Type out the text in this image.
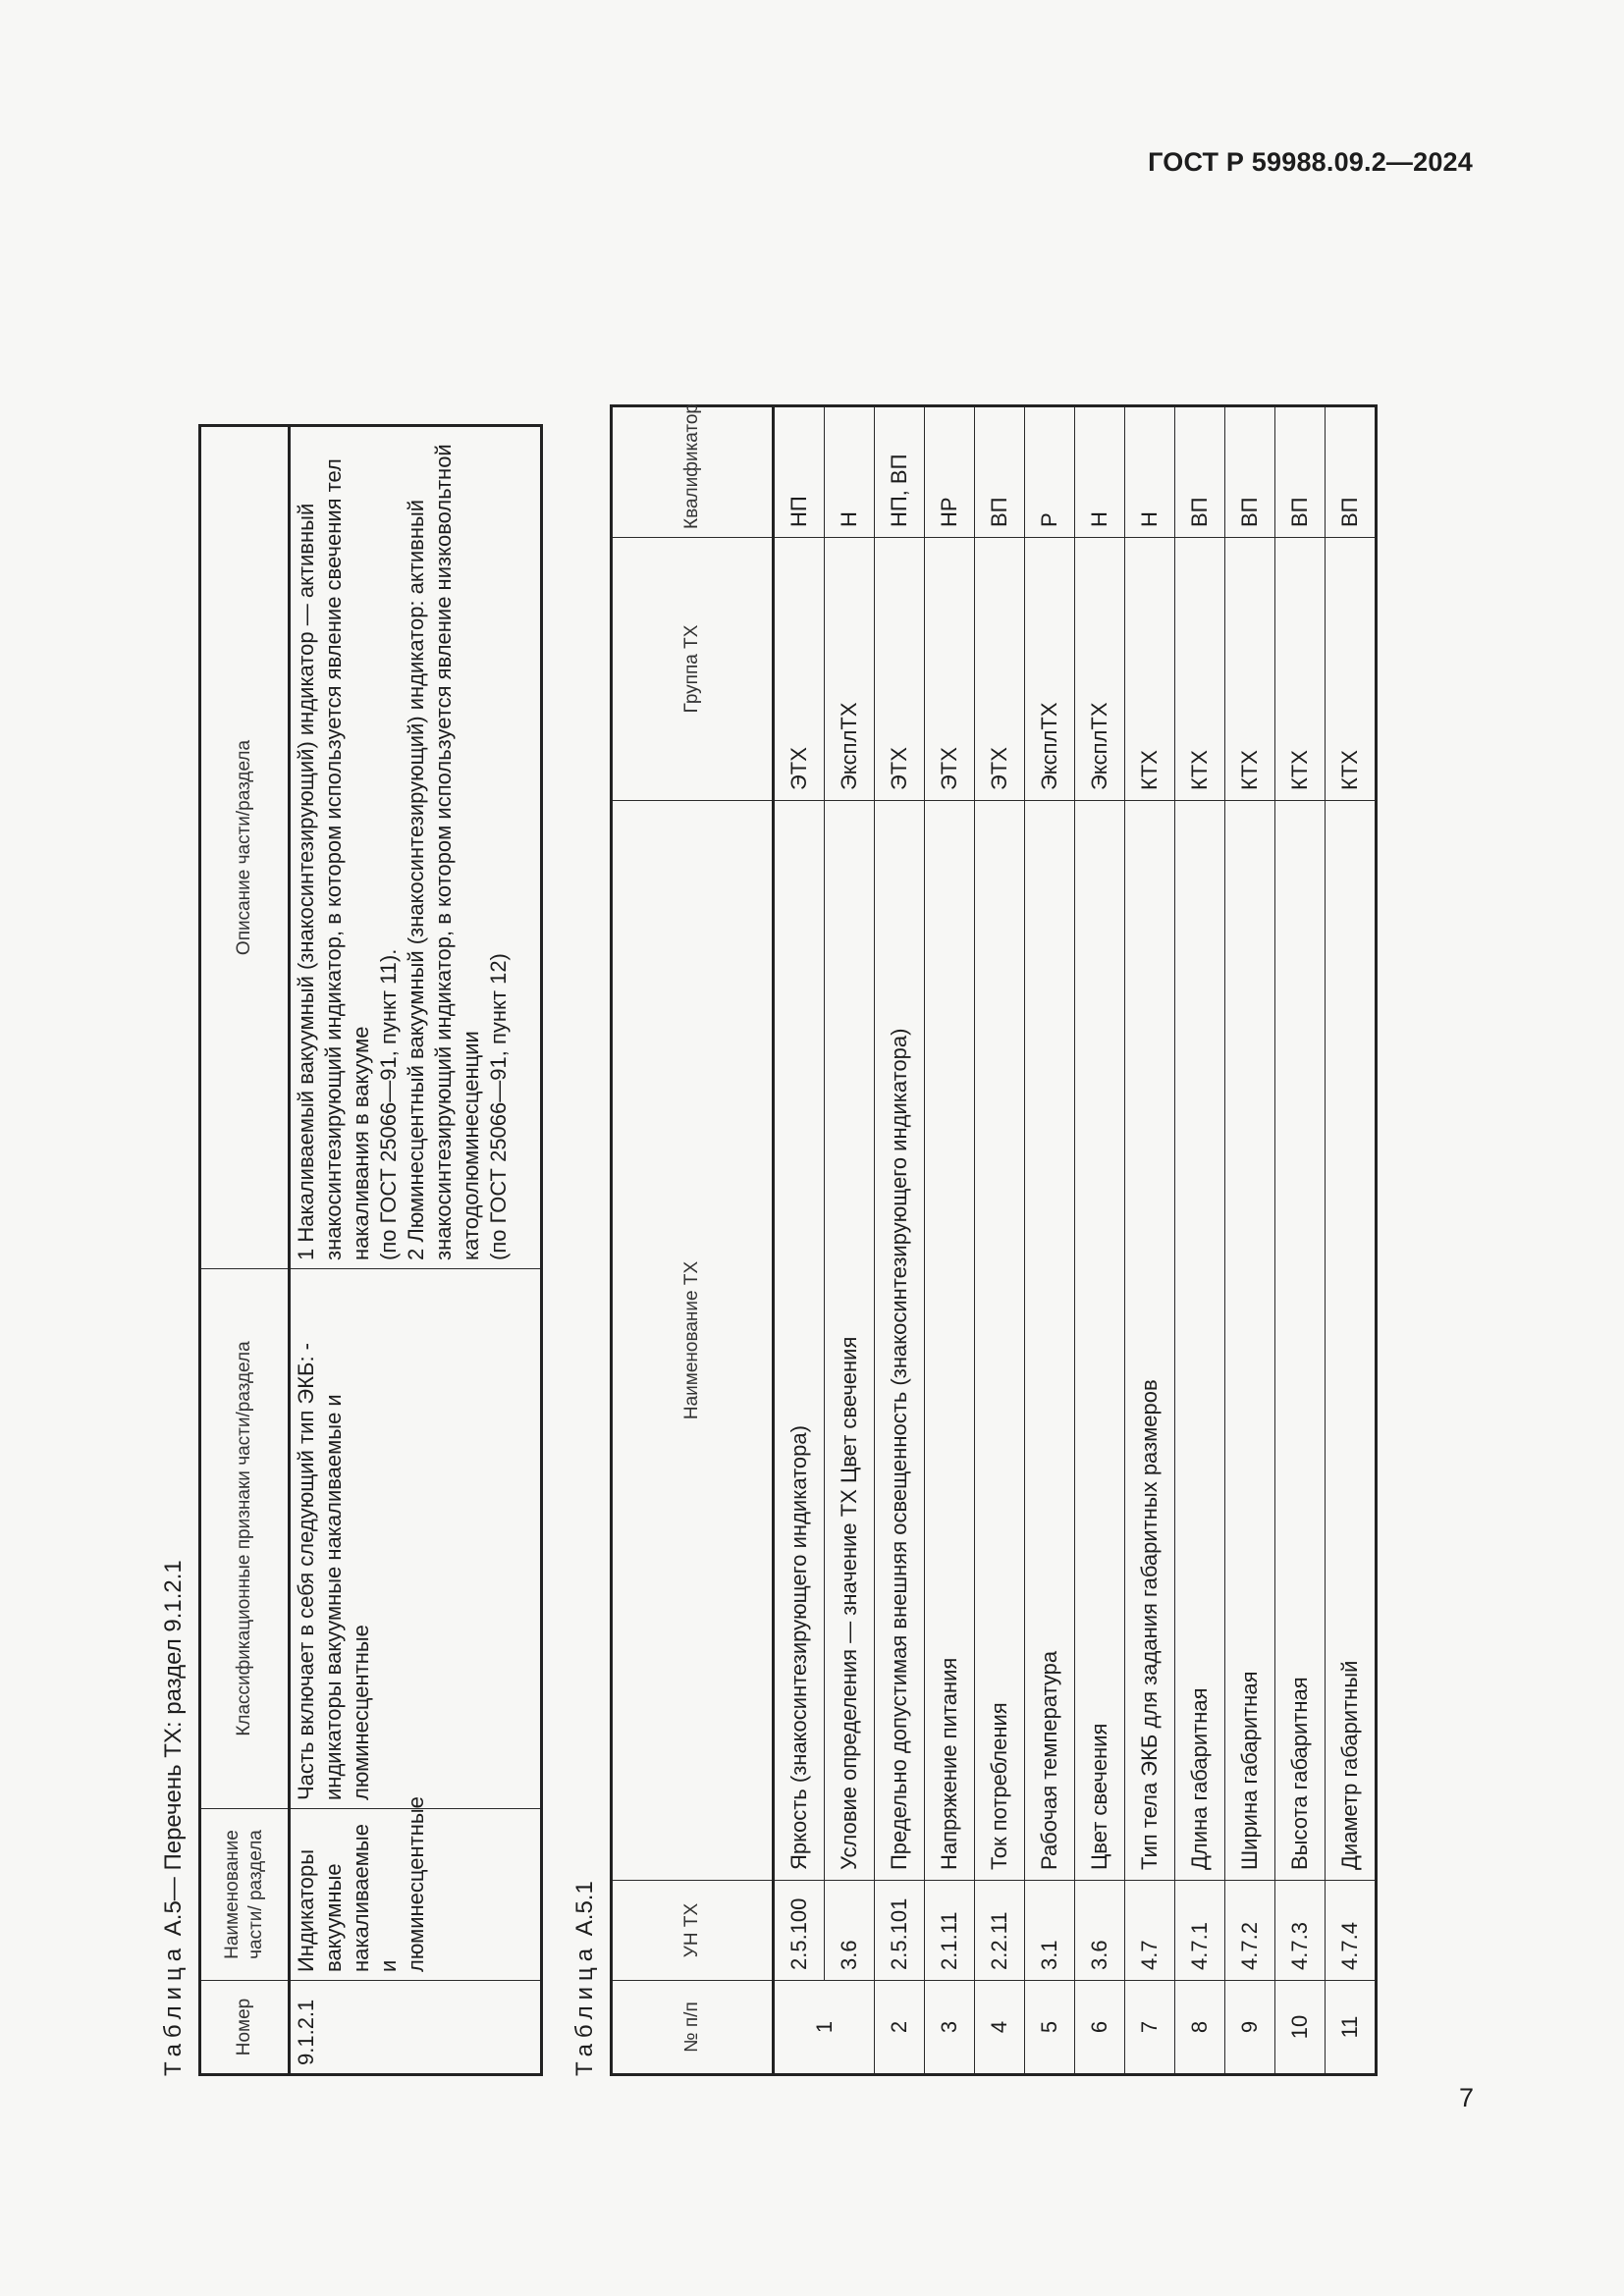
ГОСТ Р 59988.09.2—2024
Таблица А.5— Перечень ТХ: раздел 9.1.2.1
Номер	Наименование части/ раздела	Классификационные признаки части/раздела	Описание части/раздела
9.1.2.1	Индикаторы вакуумные накаливаемые и люминесцентные	Часть включает в себя следующий тип ЭКБ: - индикаторы вакуумные накаливаемые и люминесцентные	1 Накаливаемый вакуумный (знакосинтезирующий) индикатор — активный знакосинтезирующий индикатор, в котором используется явление свечения тел накаливания в вакууме (по ГОСТ 25066—91, пункт 11). 2 Люминесцентный вакуумный (знакосинтезирующий) индикатор: активный знакосинтезирующий индикатор, в котором используется явление низковольтной катодолюминесценции (по ГОСТ 25066—91, пункт 12)
Таблица А.5.1
№ п/п	УН ТХ	Наименование ТХ	Группа ТХ	Квалификатор
1	2.5.100	Яркость (знакосинтезирующего индикатора)	ЭТХ	НП
	3.6	Условие определения — значение ТХ Цвет свечения	ЭксплТХ	Н
2	2.5.101	Предельно допустимая внешняя освещенность (знакосинтезирующего индикатора)	ЭТХ	НП, ВП
3	2.1.11	Напряжение питания	ЭТХ	НР
4	2.2.11	Ток потребления	ЭТХ	ВП
5	3.1	Рабочая температура	ЭксплТХ	Р
6	3.6	Цвет свечения	ЭксплТХ	Н
7	4.7	Тип тела ЭКБ для задания габаритных размеров	КТХ	Н
8	4.7.1	Длина габаритная	КТХ	ВП
9	4.7.2	Ширина габаритная	КТХ	ВП
10	4.7.3	Высота габаритная	КТХ	ВП
11	4.7.4	Диаметр габаритный	КТХ	ВП
7
